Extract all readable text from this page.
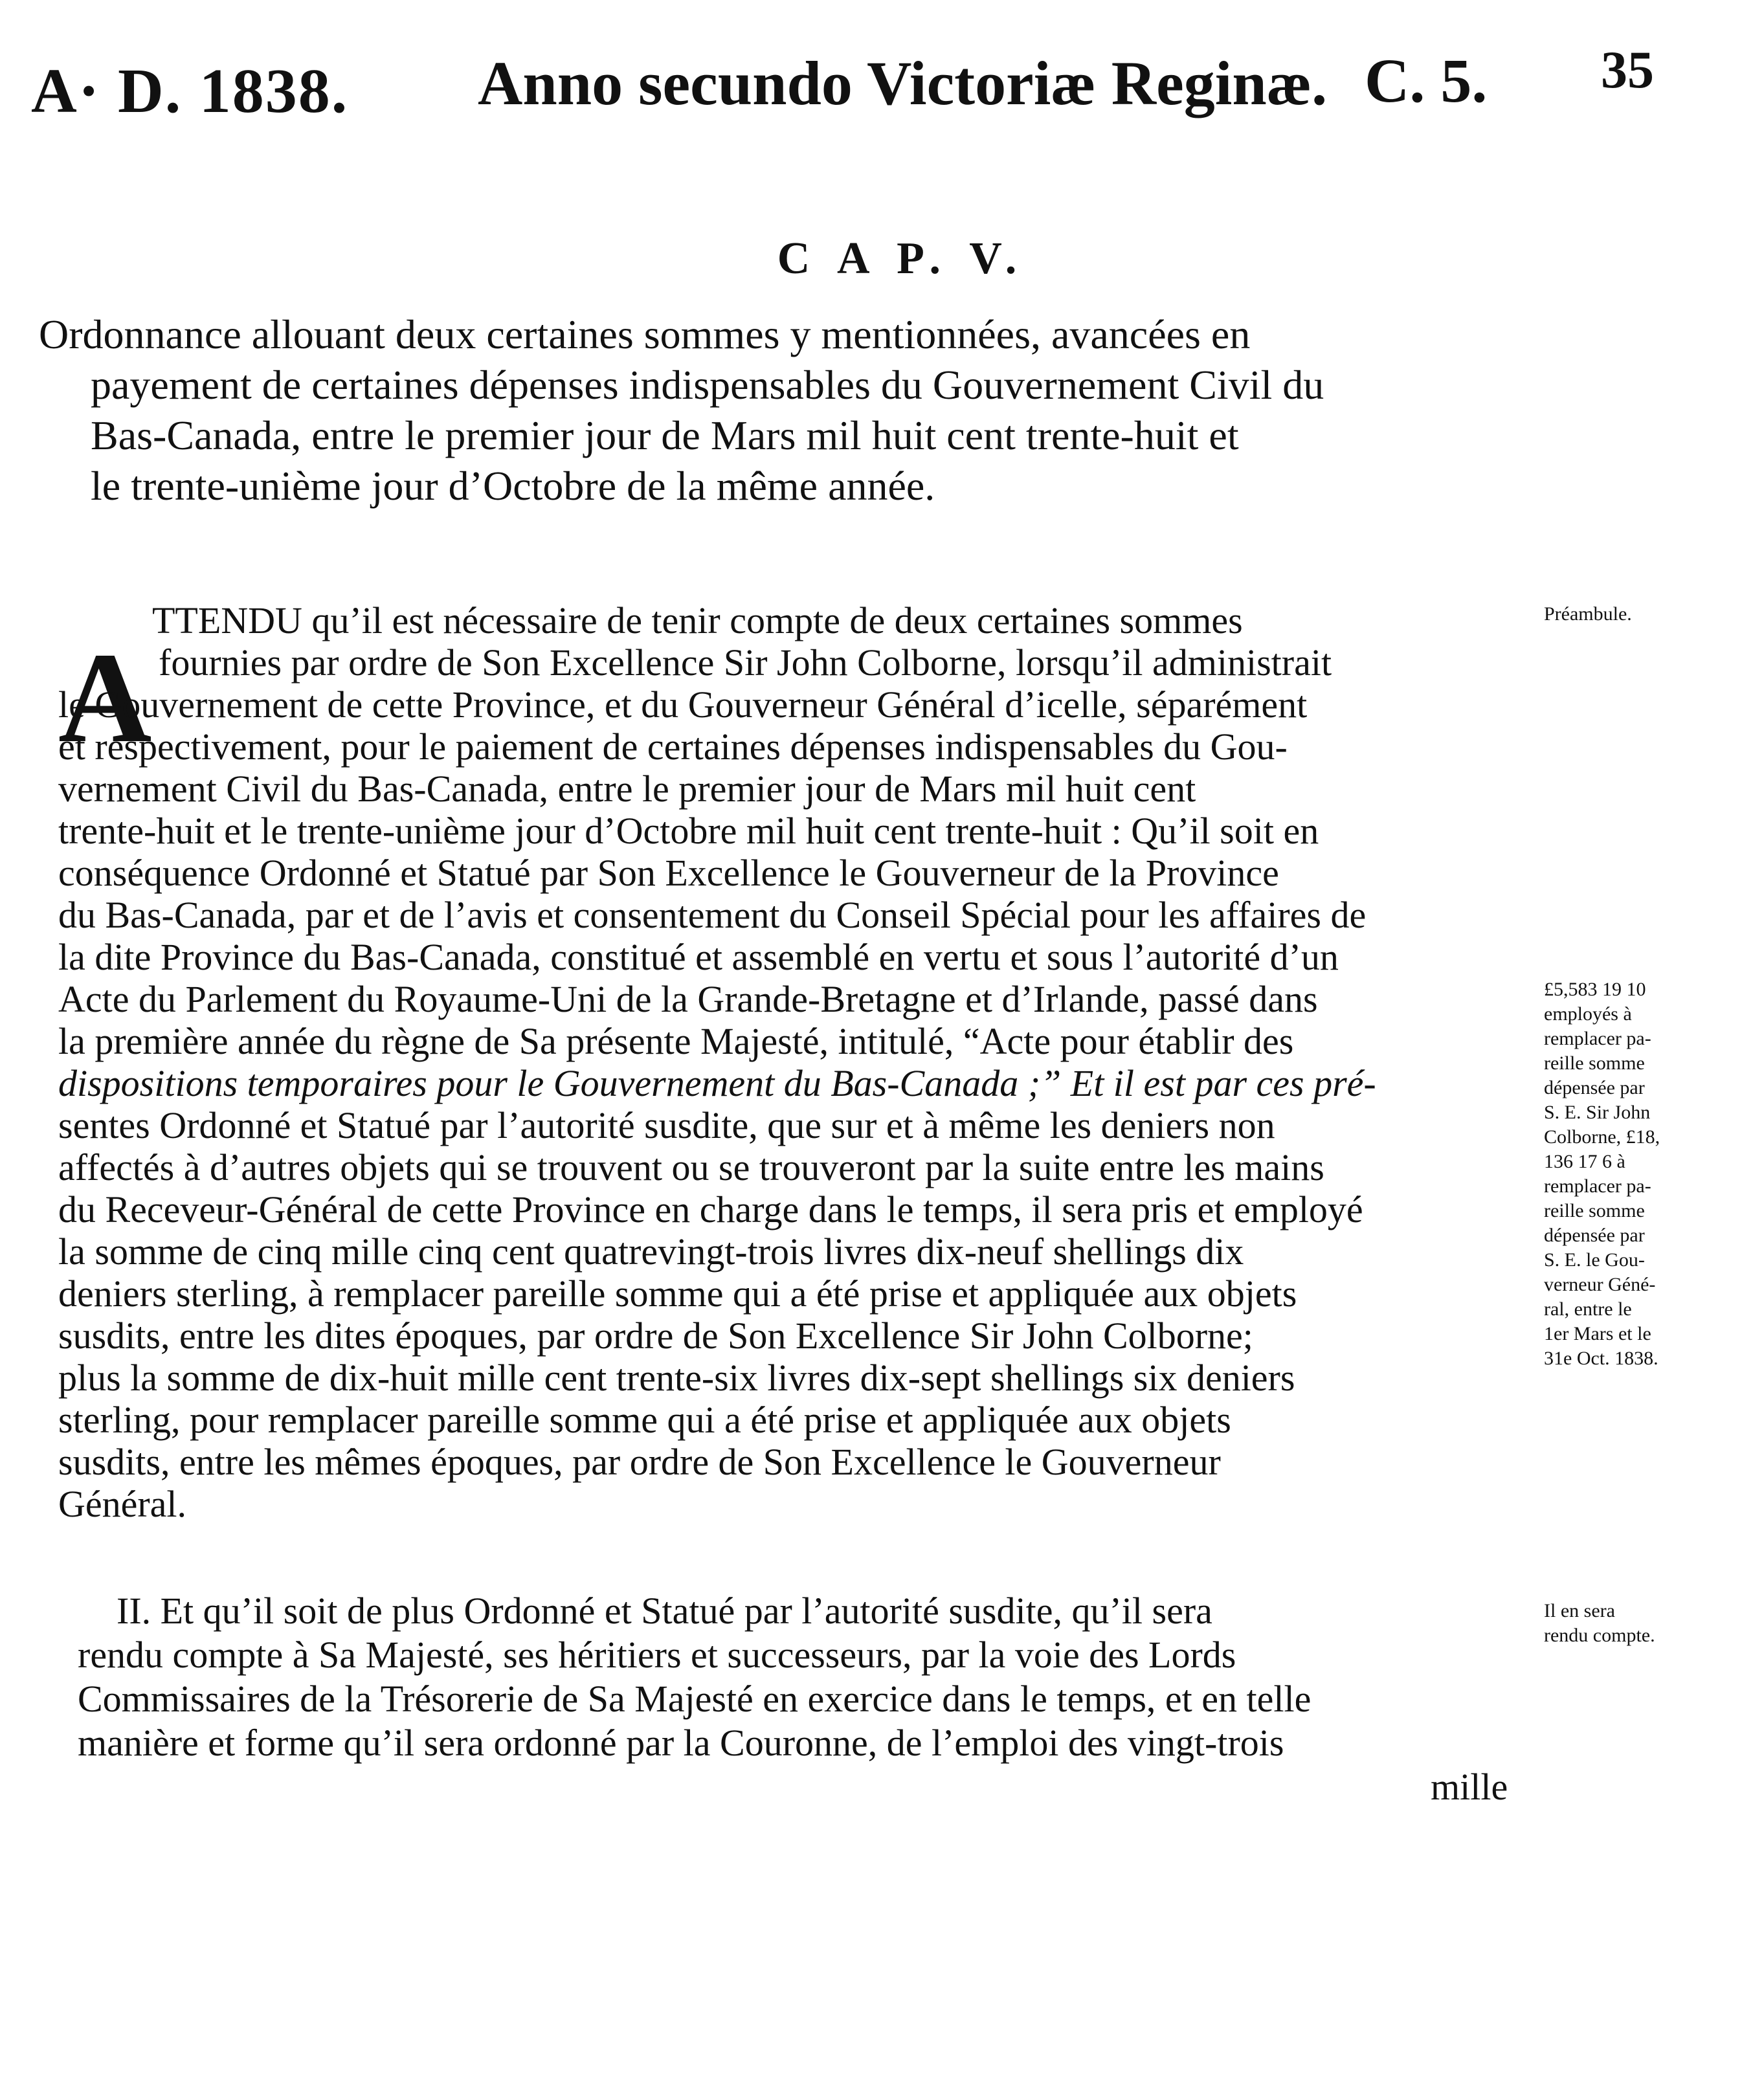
A· D. 1838. Anno secundo Victoriæ Reginæ. C. 5. 35
C A P. V.
Ordonnance allouant deux certaines sommes y mentionnées, avancées en
payement de certaines dépenses indispensables du Gouvernement Civil du
Bas-Canada, entre le premier jour de Mars mil huit cent trente-huit et
le trente-unième jour d’Octobre de la même année.
A
TTENDU qu’il est nécessaire de tenir compte de deux certaines sommes
fournies par ordre de Son Excellence Sir John Colborne, lorsqu’il administrait
le Gouvernement de cette Province, et du Gouverneur Général d’icelle, séparément
et respectivement, pour le paiement de certaines dépenses indispensables du Gou-
vernement Civil du Bas-Canada, entre le premier jour de Mars mil huit cent
trente-huit et le trente-unième jour d’Octobre mil huit cent trente-huit : Qu’il soit en
conséquence Ordonné et Statué par Son Excellence le Gouverneur de la Province
du Bas-Canada, par et de l’avis et consentement du Conseil Spécial pour les affaires de
la dite Province du Bas-Canada, constitué et assemblé en vertu et sous l’autorité d’un
Acte du Parlement du Royaume-Uni de la Grande-Bretagne et d’Irlande, passé dans
la première année du règne de Sa présente Majesté, intitulé, “Acte pour établir des
dispositions temporaires pour le Gouvernement du Bas-Canada ;” Et il est par ces pré-
sentes Ordonné et Statué par l’autorité susdite, que sur et à même les deniers non
affectés à d’autres objets qui se trouvent ou se trouveront par la suite entre les mains
du Receveur-Général de cette Province en charge dans le temps, il sera pris et employé
la somme de cinq mille cinq cent quatrevingt-trois livres dix-neuf shellings dix
deniers sterling, à remplacer pareille somme qui a été prise et appliquée aux objets
susdits, entre les dites époques, par ordre de Son Excellence Sir John Colborne;
plus la somme de dix-huit mille cent trente-six livres dix-sept shellings six deniers
sterling, pour remplacer pareille somme qui a été prise et appliquée aux objets
susdits, entre les mêmes époques, par ordre de Son Excellence le Gouverneur
Général.
II. Et qu’il soit de plus Ordonné et Statué par l’autorité susdite, qu’il sera
rendu compte à Sa Majesté, ses héritiers et successeurs, par la voie des Lords
Commissaires de la Trésorerie de Sa Majesté en exercice dans le temps, et en telle
manière et forme qu’il sera ordonné par la Couronne, de l’emploi des vingt-trois
mille
Préambule.
£5,583 19 10
employés à
remplacer pa-
reille somme
dépensée par
S. E. Sir John
Colborne, £18,
136 17 6 à
remplacer pa-
reille somme
dépensée par
S. E. le Gou-
verneur Géné-
ral, entre le
1er Mars et le
31e Oct. 1838.
Il en sera
rendu compte.
